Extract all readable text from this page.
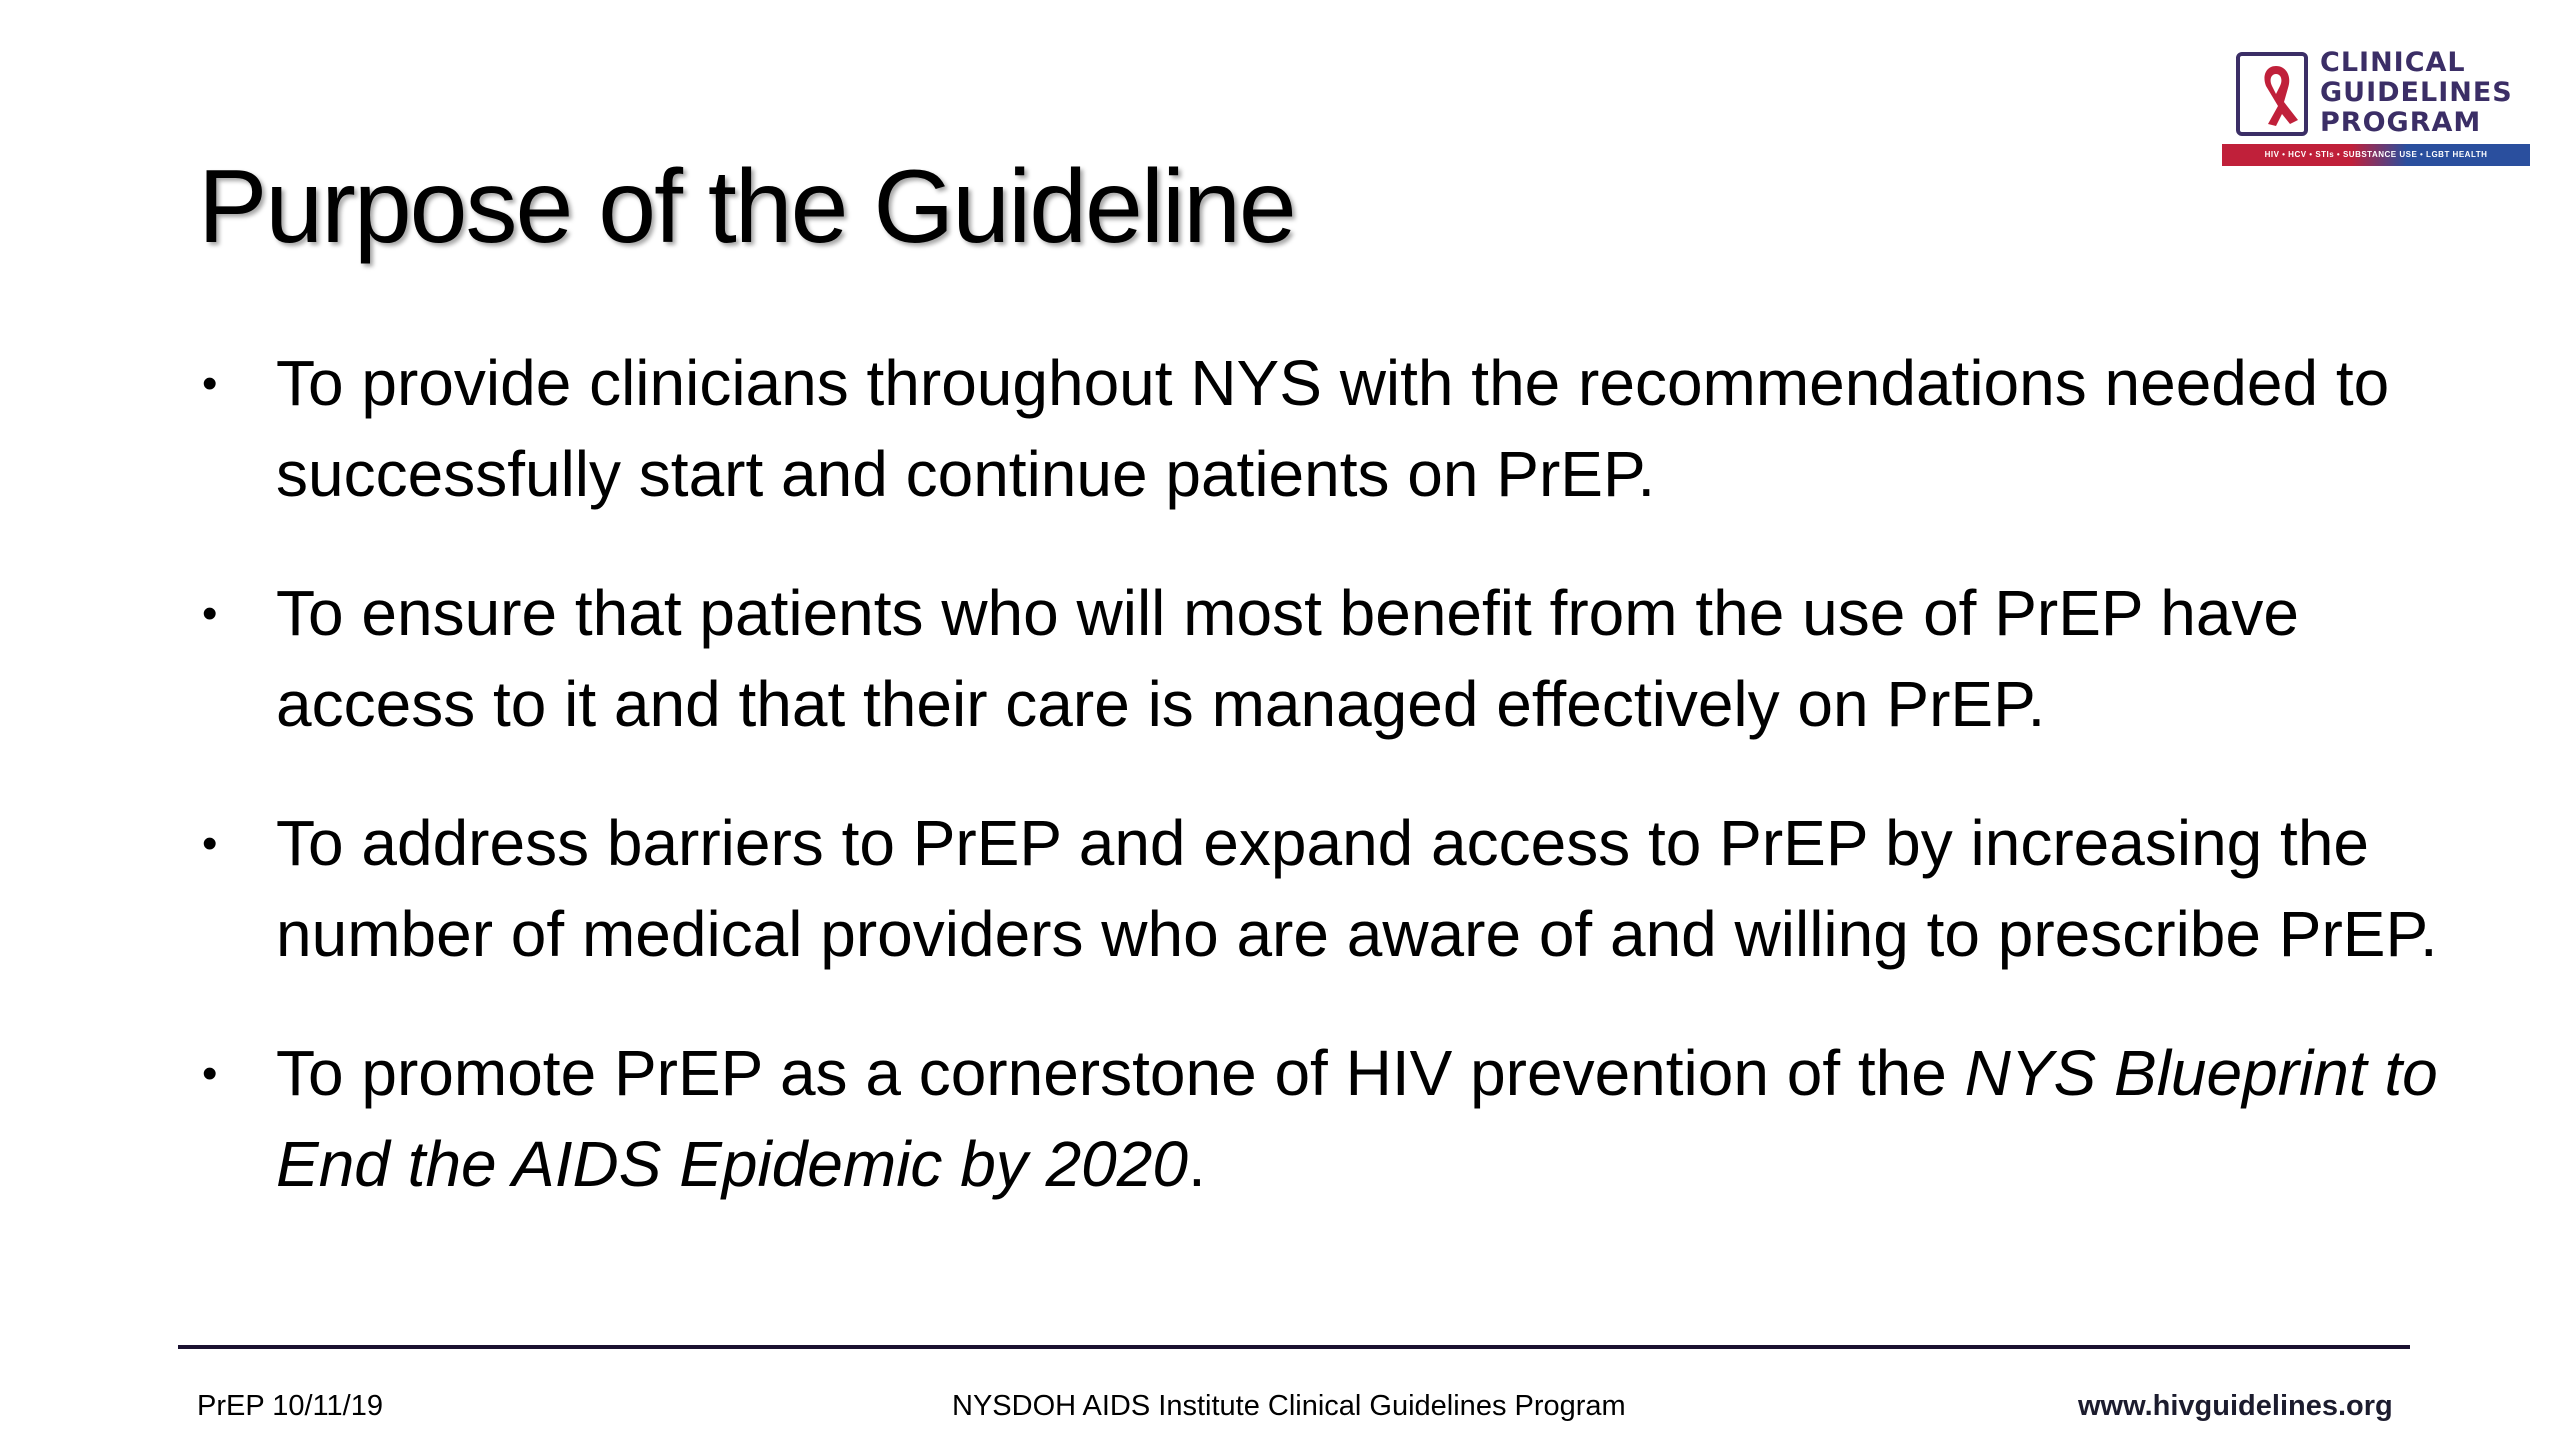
CLINICAL
GUIDELINES
PROGRAM
HIV • HCV • STIs • SUBSTANCE USE • LGBT HEALTH
Purpose of the Guideline
• To provide clinicians throughout NYS with the recommendations needed to successfully start and continue patients on PrEP.
• To ensure that patients who will most benefit from the use of PrEP have access to it and that their care is managed effectively on PrEP.
• To address barriers to PrEP and expand access to PrEP by increasing the number of medical providers who are aware of and willing to prescribe PrEP.
• To promote PrEP as a cornerstone of HIV prevention of the NYS Blueprint to End the AIDS Epidemic by 2020.
PrEP 10/11/19	NYSDOH AIDS Institute Clinical Guidelines Program	www.hivguidelines.org
